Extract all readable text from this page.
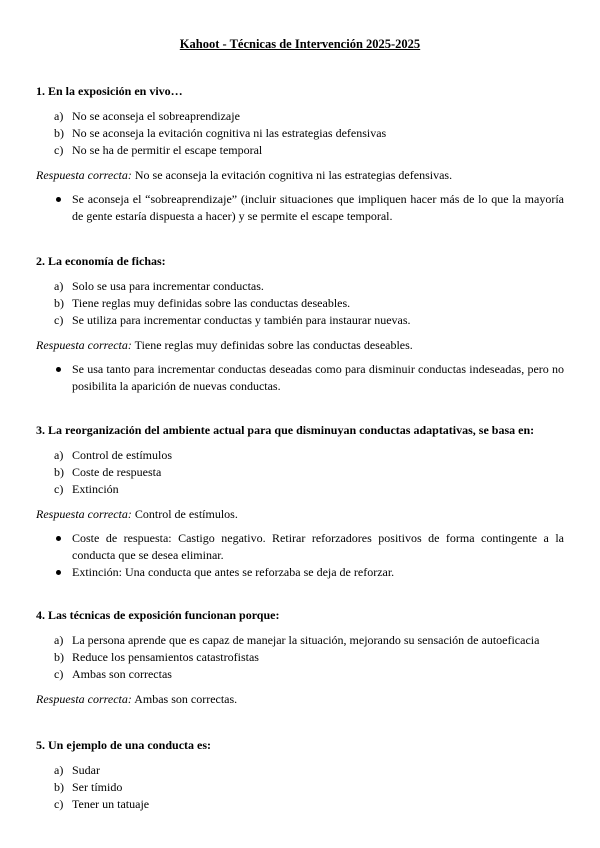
Kahoot - Técnicas de Intervención 2025-2025
1. En la exposición en vivo…
a) No se aconseja el sobreaprendizaje
b) No se aconseja la evitación cognitiva ni las estrategias defensivas
c) No se ha de permitir el escape temporal
Respuesta correcta: No se aconseja la evitación cognitiva ni las estrategias defensivas.
Se aconseja el “sobreaprendizaje” (incluir situaciones que impliquen hacer más de lo que la mayoría de gente estaría dispuesta a hacer) y se permite el escape temporal.
2. La economía de fichas:
a) Solo se usa para incrementar conductas.
b) Tiene reglas muy definidas sobre las conductas deseables.
c) Se utiliza para incrementar conductas y también para instaurar nuevas.
Respuesta correcta: Tiene reglas muy definidas sobre las conductas deseables.
Se usa tanto para incrementar conductas deseadas como para disminuir conductas indeseadas, pero no posibilita la aparición de nuevas conductas.
3. La reorganización del ambiente actual para que disminuyan conductas adaptativas, se basa en:
a) Control de estímulos
b) Coste de respuesta
c) Extinción
Respuesta correcta: Control de estímulos.
Coste de respuesta: Castigo negativo. Retirar reforzadores positivos de forma contingente a la conducta que se desea eliminar.
Extinción: Una conducta que antes se reforzaba se deja de reforzar.
4. Las técnicas de exposición funcionan porque:
a) La persona aprende que es capaz de manejar la situación, mejorando su sensación de autoeficacia
b) Reduce los pensamientos catastrofistas
c) Ambas son correctas
Respuesta correcta: Ambas son correctas.
5. Un ejemplo de una conducta es:
a) Sudar
b) Ser tímido
c) Tener un tatuaje
